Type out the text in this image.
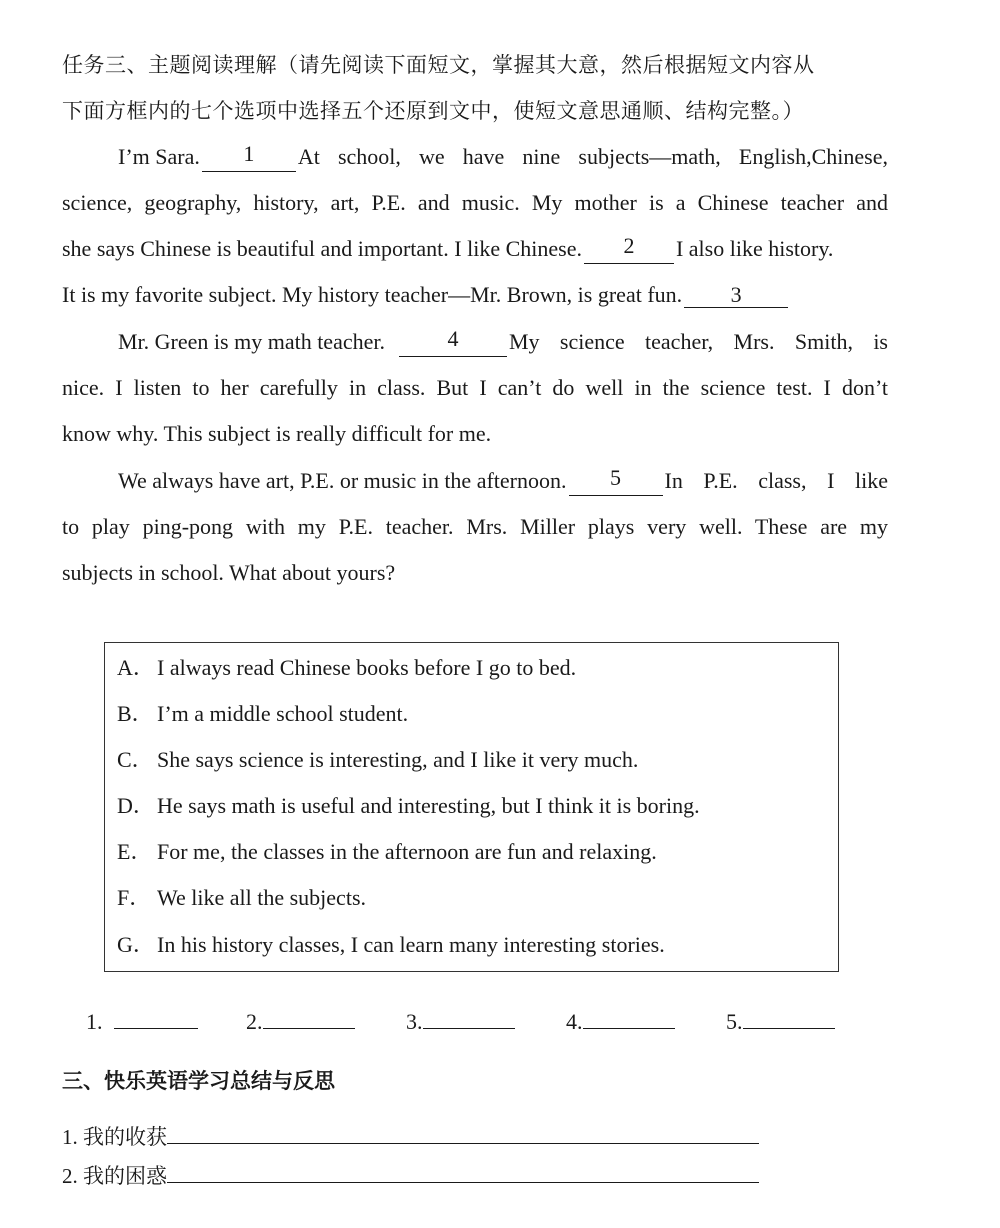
任务三、主题阅读理解（请先阅读下面短文，掌握其大意，然后根据短文内容从
下面方框内的七个选项中选择五个还原到文中，使短文意思通顺、结构完整。）
I’m Sara.	1	At school, we have nine subjects—math, English,Chinese,
science, geography, history, art, P.E. and music. My mother is a Chinese teacher and
she says Chinese is beautiful and important. I like Chinese.	2	I also like history.
It is my favorite subject. My history teacher—Mr. Brown, is great fun. 3
Mr. Green is my math teacher.	4	My science teacher, Mrs. Smith, is
nice. I listen to her carefully in class. But I can’t do well in the science test. I don’t
know why. This subject is really difficult for me.
We always have art, P.E. or music in the afternoon.	5	In P.E. class, I like
to play ping-pong with my P.E. teacher. Mrs. Miller plays very well. These are my
subjects in school. What about yours?
A．I always read Chinese books before I go to bed.
B． I’m a middle school student.
C． She says science is interesting, and I like it very much.
D．He says math is useful and interesting, but I think it is boring.
E． For me, the classes in the afternoon are fun and relaxing.
F． We like all the subjects.
G．In his history classes, I can learn many interesting stories.
1.	2.	3.	4.	5.
三、快乐英语学习总结与反思
1. 我的收获
2. 我的困惑
